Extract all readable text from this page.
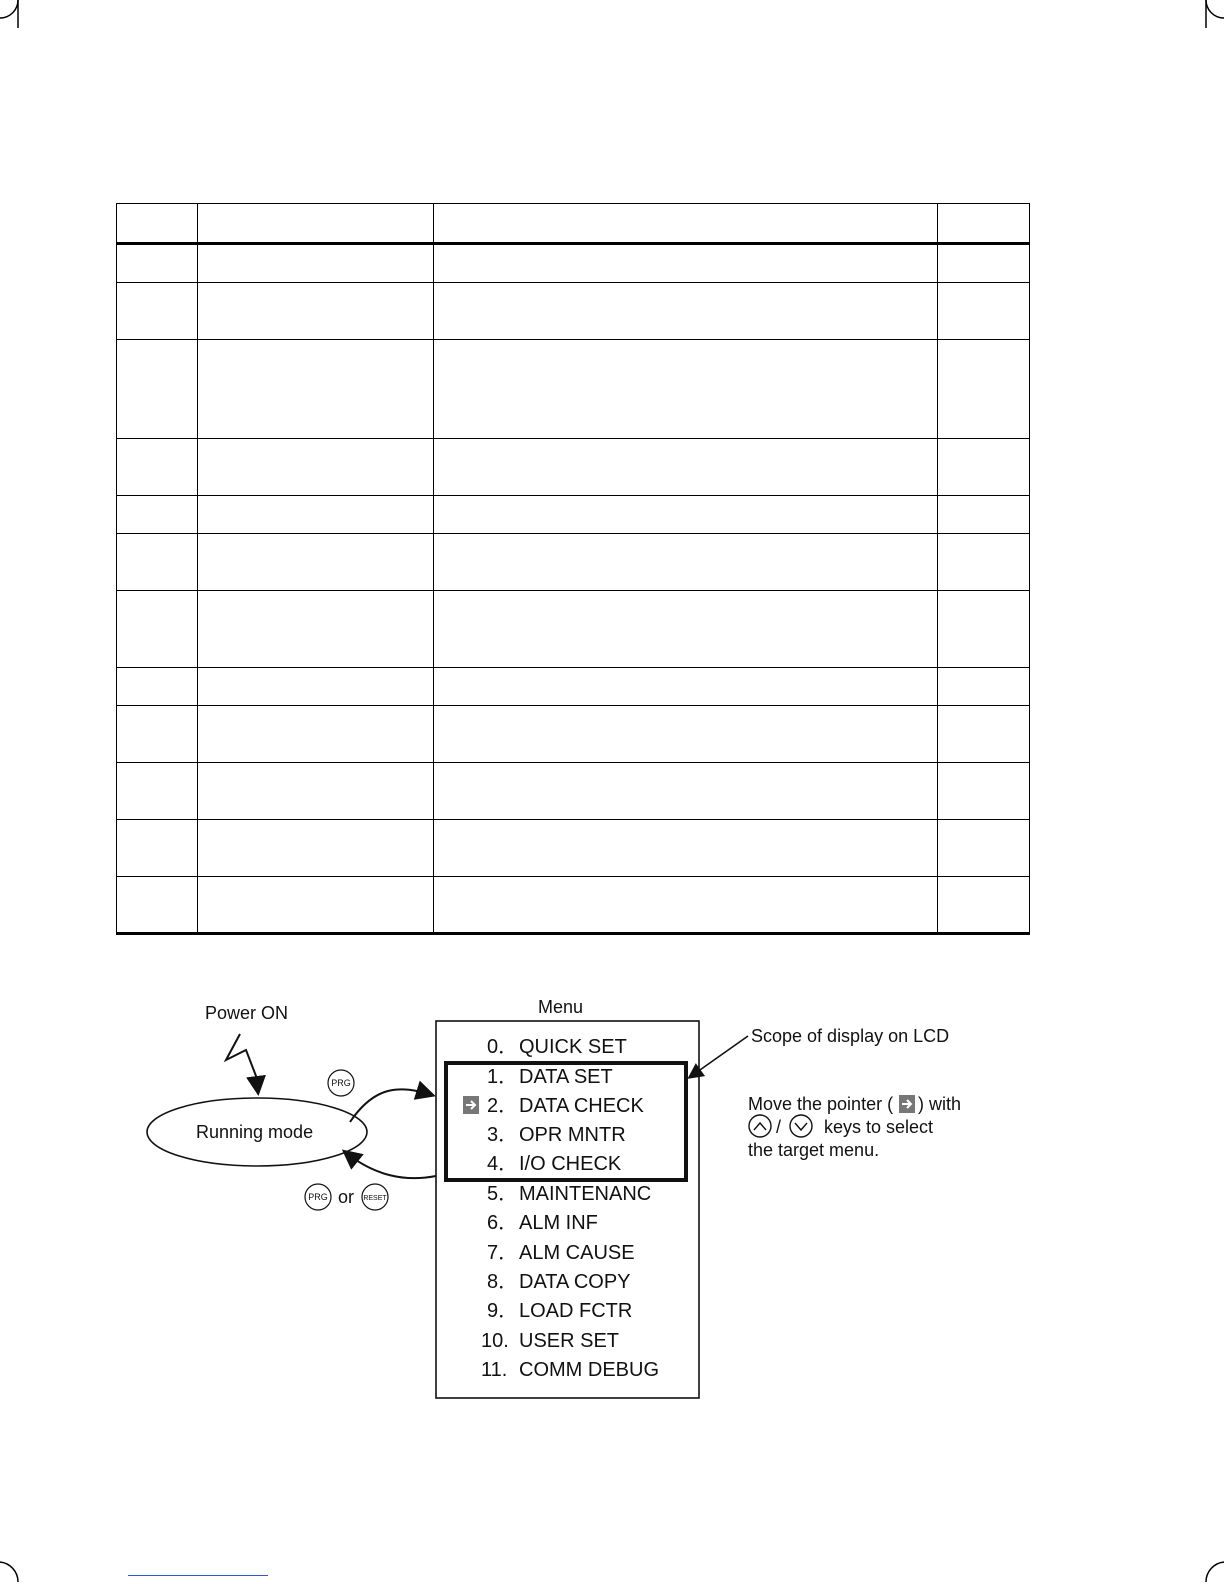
Power ON
Running mode
PRG
PRG or RESET
Menu
0． QUICK SET
1． DATA SET
2． DATA CHECK
3． OPR MNTR
4． I/O CHECK
5． MAINTENANC
6． ALM INF
7． ALM CAUSE
8． DATA COPY
9． LOAD FCTR
10. USER SET
11. COMM DEBUG
Scope of display on LCD
Move the pointer ( ) with
/ keys to select
the target menu.
